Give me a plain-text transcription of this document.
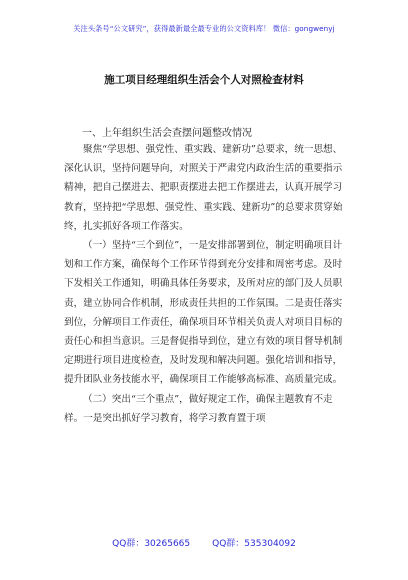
关注头条号“公文研究”，获得最新最全最专业的公文资料库！ 微信：gongwenyj
施工项目经理组织生活会个人对照检查材料
一、上年组织生活会查摆问题整改情况

聚焦“学思想、强党性、重实践、建新功”总要求，统一思想、深化认识，坚持问题导向，对照关于严肃党内政治生活的重要指示精神，把自己摆进去、把职责摆进去把工作摆进去，认真开展学习教育，坚持把“学思想、强党性、重实践、建新功”的总要求贯穿始终，扎实抓好各项工作落实。

（一）坚持“三个到位”，一是安排部署到位，制定明确项目计划和工作方案，确保每个工作环节得到充分安排和周密考虑。及时下发相关工作通知，明确具体任务要求，及所对应的部门及人员职责，建立协同合作机制，形成责任共担的工作氛围。二是责任落实到位，分解项目工作责任，确保项目环节相关负责人对项目目标的责任心和担当意识。三是督促指导到位，建立有效的项目督导机制定期进行项目进度检查，及时发现和解决问题。强化培训和指导，提升团队业务技能水平，确保项目工作能够高标准、高质量完成。

（二）突出“三个重点”，做好规定工作，确保主题教育不走样。一是突出抓好学习教育，将学习教育置于项

QQ群：30265665 QQ群：535304092
